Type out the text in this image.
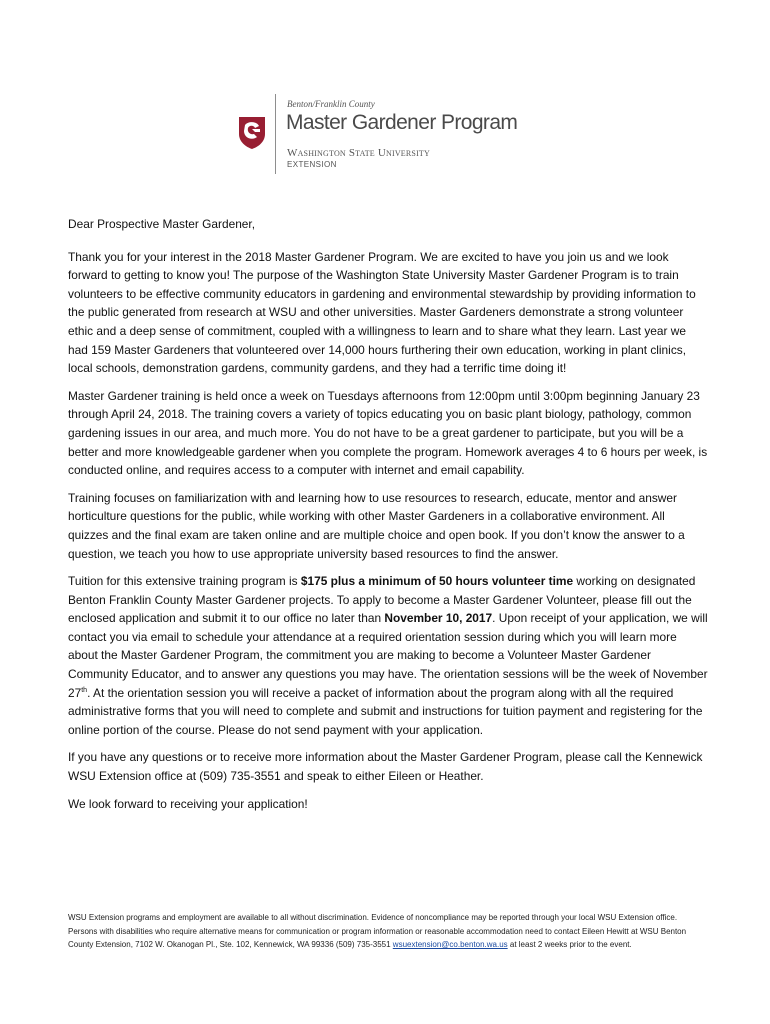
Benton/Franklin County
Master Gardener Program
Washington State University
EXTENSION

Dear Prospective Master Gardener,

Thank you for your interest in the 2018 Master Gardener Program. We are excited to have you join us and we look forward to getting to know you! The purpose of the Washington State University Master Gardener Program is to train volunteers to be effective community educators in gardening and environmental stewardship by providing information to the public generated from research at WSU and other universities. Master Gardeners demonstrate a strong volunteer ethic and a deep sense of commitment, coupled with a willingness to learn and to share what they learn. Last year we had 159 Master Gardeners that volunteered over 14,000 hours furthering their own education, working in plant clinics, local schools, demonstration gardens, community gardens, and they had a terrific time doing it!

Master Gardener training is held once a week on Tuesdays afternoons from 12:00pm until 3:00pm beginning January 23 through April 24, 2018. The training covers a variety of topics educating you on basic plant biology, pathology, common gardening issues in our area, and much more. You do not have to be a great gardener to participate, but you will be a better and more knowledgeable gardener when you complete the program. Homework averages 4 to 6 hours per week, is conducted online, and requires access to a computer with internet and email capability.

Training focuses on familiarization with and learning how to use resources to research, educate, mentor and answer horticulture questions for the public, while working with other Master Gardeners in a collaborative environment. All quizzes and the final exam are taken online and are multiple choice and open book. If you don’t know the answer to a question, we teach you how to use appropriate university based resources to find the answer.

Tuition for this extensive training program is $175 plus a minimum of 50 hours volunteer time working on designated Benton Franklin County Master Gardener projects. To apply to become a Master Gardener Volunteer, please fill out the enclosed application and submit it to our office no later than November 10, 2017. Upon receipt of your application, we will contact you via email to schedule your attendance at a required orientation session during which you will learn more about the Master Gardener Program, the commitment you are making to become a Volunteer Master Gardener Community Educator, and to answer any questions you may have. The orientation sessions will be the week of November 27th. At the orientation session you will receive a packet of information about the program along with all the required administrative forms that you will need to complete and submit and instructions for tuition payment and registering for the online portion of the course. Please do not send payment with your application.

If you have any questions or to receive more information about the Master Gardener Program, please call the Kennewick WSU Extension office at (509) 735-3551 and speak to either Eileen or Heather.

We look forward to receiving your application!

WSU Extension programs and employment are available to all without discrimination. Evidence of noncompliance may be reported through your local WSU Extension office. Persons with disabilities who require alternative means for communication or program information or reasonable accommodation need to contact Eileen Hewitt at WSU Benton County Extension, 7102 W. Okanogan Pl., Ste. 102, Kennewick, WA 99336 (509) 735-3551 wsuextension@co.benton.wa.us at least 2 weeks prior to the event.
